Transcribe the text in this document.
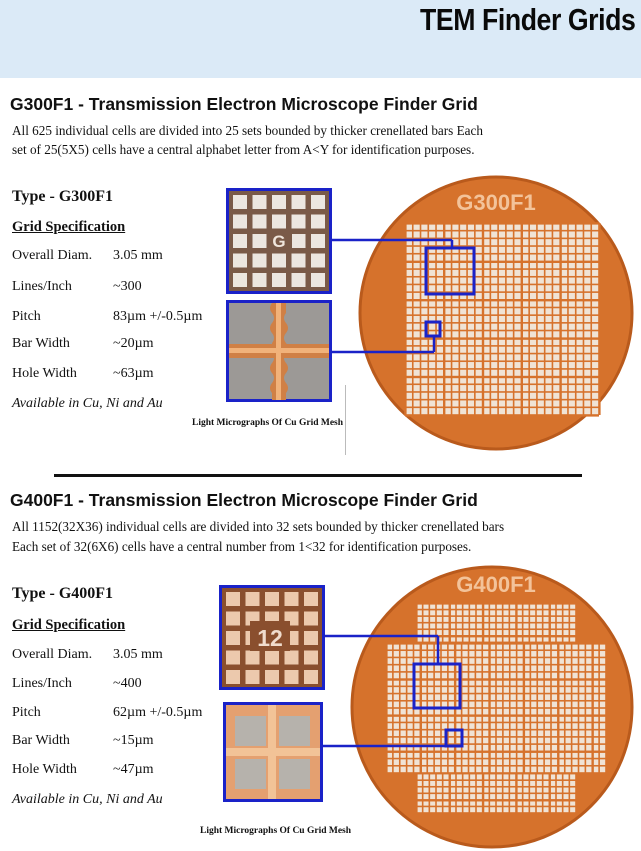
TEM Finder Grids
G300F1 - Transmission Electron Microscope Finder Grid
All 625 individual cells are divided into 25 sets bounded by thicker crenellated bars Each
set of 25(5X5) cells have a central alphabet letter from A<Y for identification purposes.
Type - G300F1
Grid Specification
Overall Diam. 3.05 mm
Lines/Inch	~300
Pitch	83µm +/-0.5µm
Bar Width	~20µm
Hole Width	~63µm
Available in Cu, Ni and Au
Light Micrographs Of Cu Grid Mesh
G
G300F1
G400F1 - Transmission Electron Microscope Finder Grid
All 1152(32X36) individual cells are divided into 32 sets bounded by thicker crenellated bars
Each set of 32(6X6) cells have a central number from 1<32 for identification purposes.
Type - G400F1
Grid Specification
Overall Diam. 3.05 mm
Lines/Inch	~400
Pitch	62µm +/-0.5µm
Bar Width	~15µm
Hole Width	~47µm
Available in Cu, Ni and Au
Light Micrographs Of Cu Grid Mesh
12
G400F1
